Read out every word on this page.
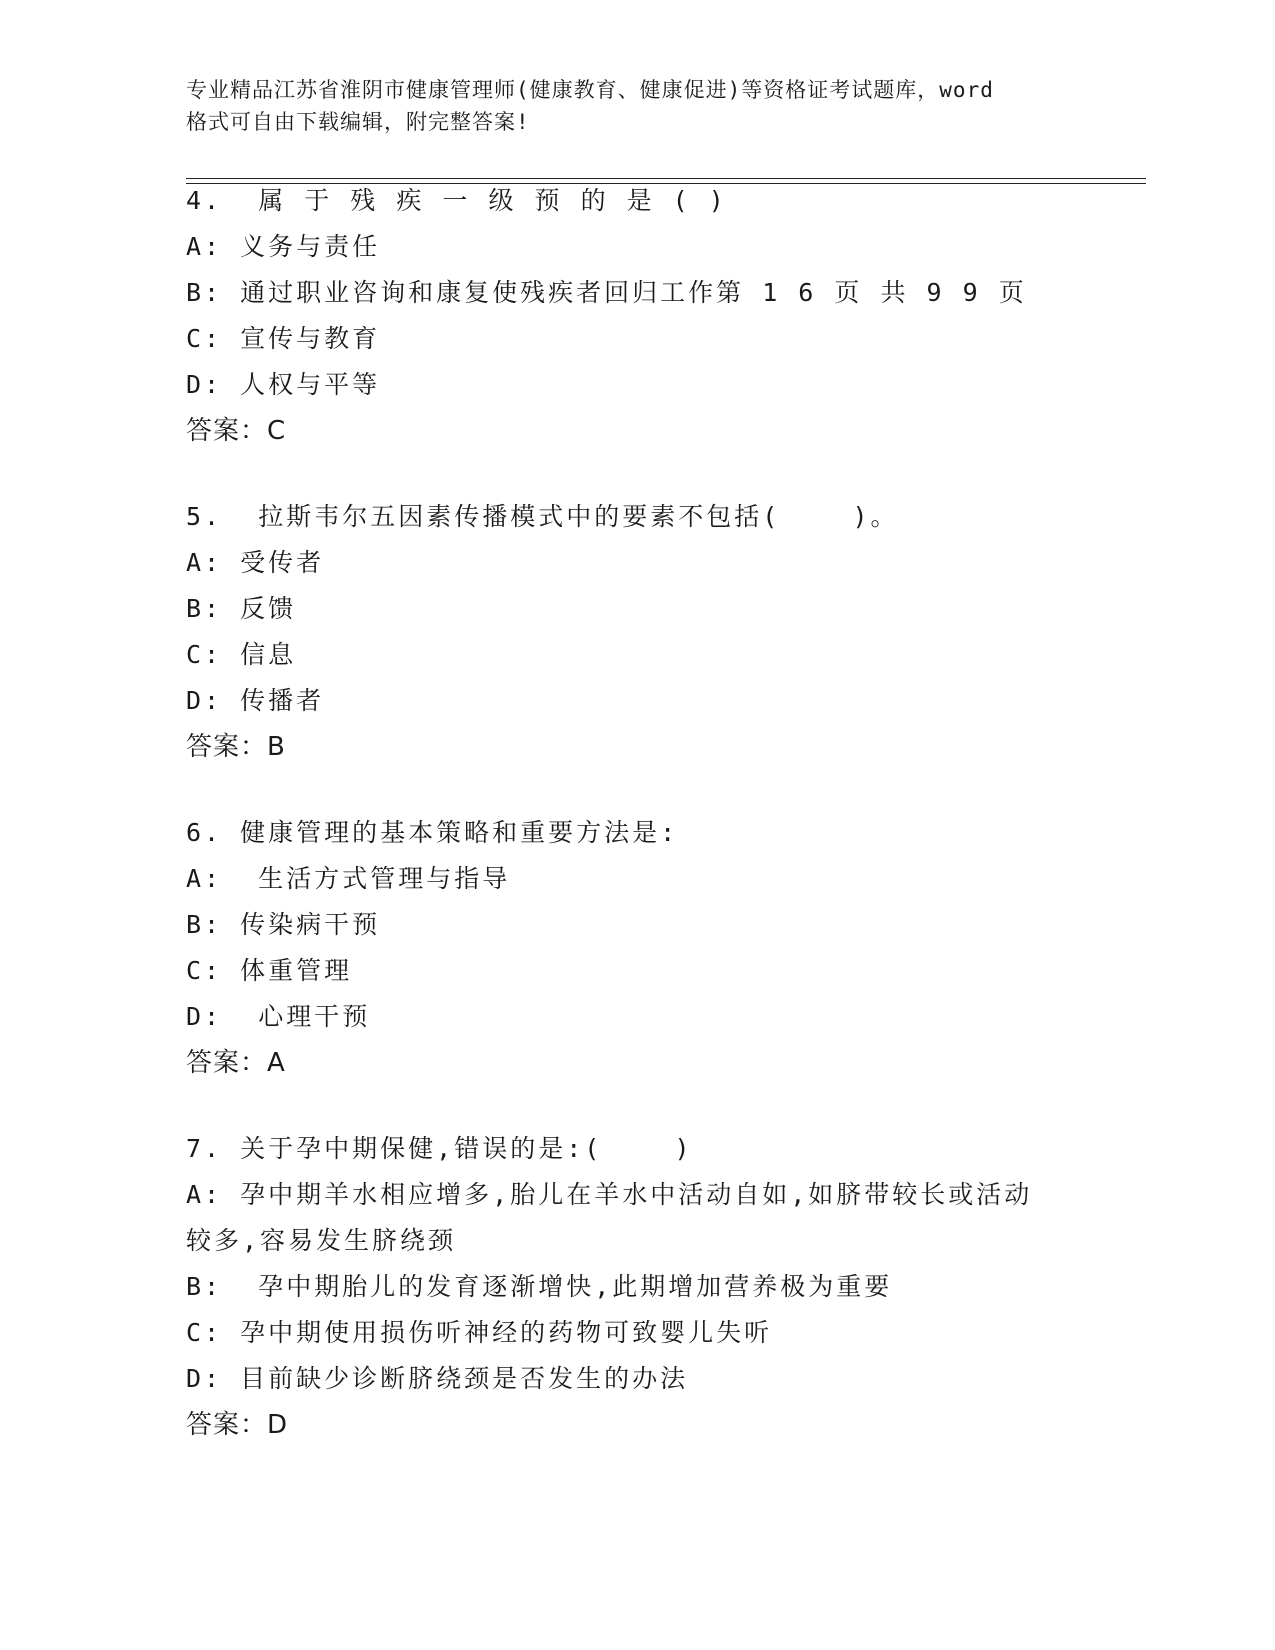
专业精品江苏省淮阴市健康管理师(健康教育、健康促进)等资格证考试题库，word
格式可自由下载编辑，附完整答案!
4.  属 于 残 疾 一 级 预 的 是 ( )
A: 义务与责任
B: 通过职业咨询和康复使残疾者回归工作第 1 6 页 共 9 9 页
C: 宣传与教育
D: 人权与平等
答案：C
5.  拉斯韦尔五因素传播模式中的要素不包括(    )。
A: 受传者
B: 反馈
C: 信息
D: 传播者
答案：B
6. 健康管理的基本策略和重要方法是:
A:  生活方式管理与指导
B: 传染病干预
C: 体重管理
D:  心理干预
答案：A
7. 关于孕中期保健,错误的是:(    )
A: 孕中期羊水相应增多,胎儿在羊水中活动自如,如脐带较长或活动较多,容易发生脐绕颈
B:  孕中期胎儿的发育逐渐增快,此期增加营养极为重要
C: 孕中期使用损伤听神经的药物可致婴儿失听
D: 目前缺少诊断脐绕颈是否发生的办法
答案：D
